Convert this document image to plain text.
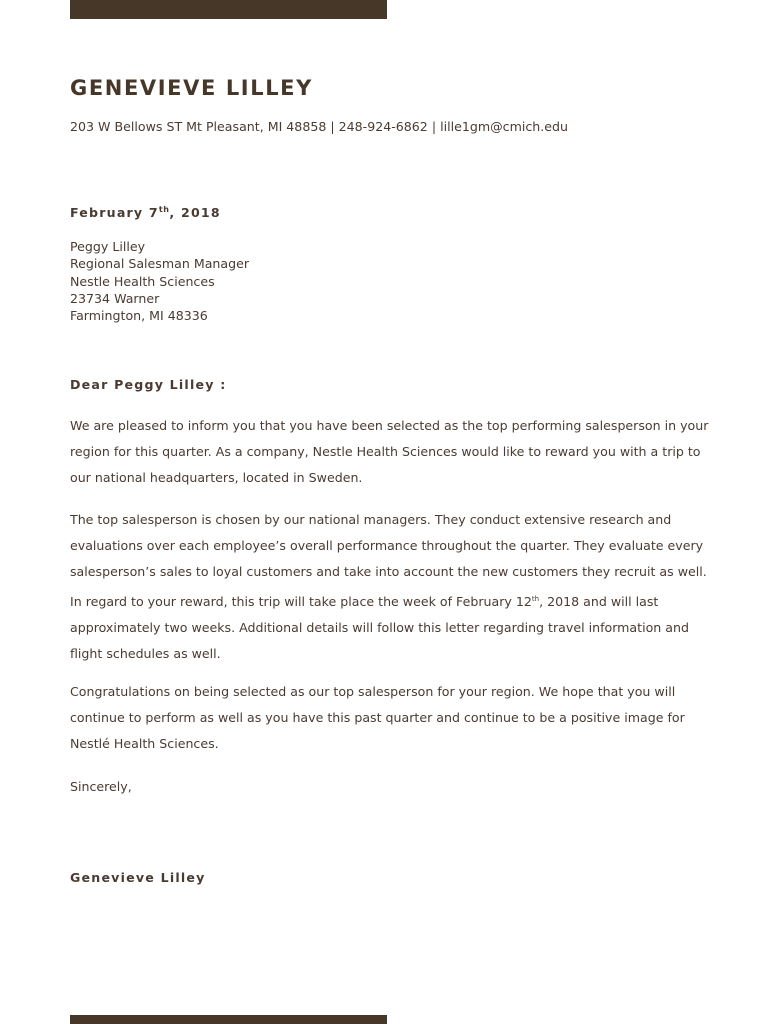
GENEVIEVE LILLEY
203 W Bellows ST Mt Pleasant, MI 48858 | 248-924-6862 | lille1gm@cmich.edu
February 7th, 2018
Peggy Lilley
Regional Salesman Manager
Nestle Health Sciences
23734 Warner
Farmington, MI 48336
Dear Peggy Lilley :

We are pleased to inform you that you have been selected as the top performing salesperson in your region for this quarter. As a company, Nestle Health Sciences would like to reward you with a trip to our national headquarters, located in Sweden.

The top salesperson is chosen by our national managers. They conduct extensive research and evaluations over each employee’s overall performance throughout the quarter. They evaluate every salesperson’s sales to loyal customers and take into account the new customers they recruit as well. In regard to your reward, this trip will take place the week of February 12th, 2018 and will last approximately two weeks. Additional details will follow this letter regarding travel information and flight schedules as well.

Congratulations on being selected as our top salesperson for your region. We hope that you will continue to perform as well as you have this past quarter and continue to be a positive image for Nestlé Health Sciences.

Sincerely,
Genevieve Lilley
